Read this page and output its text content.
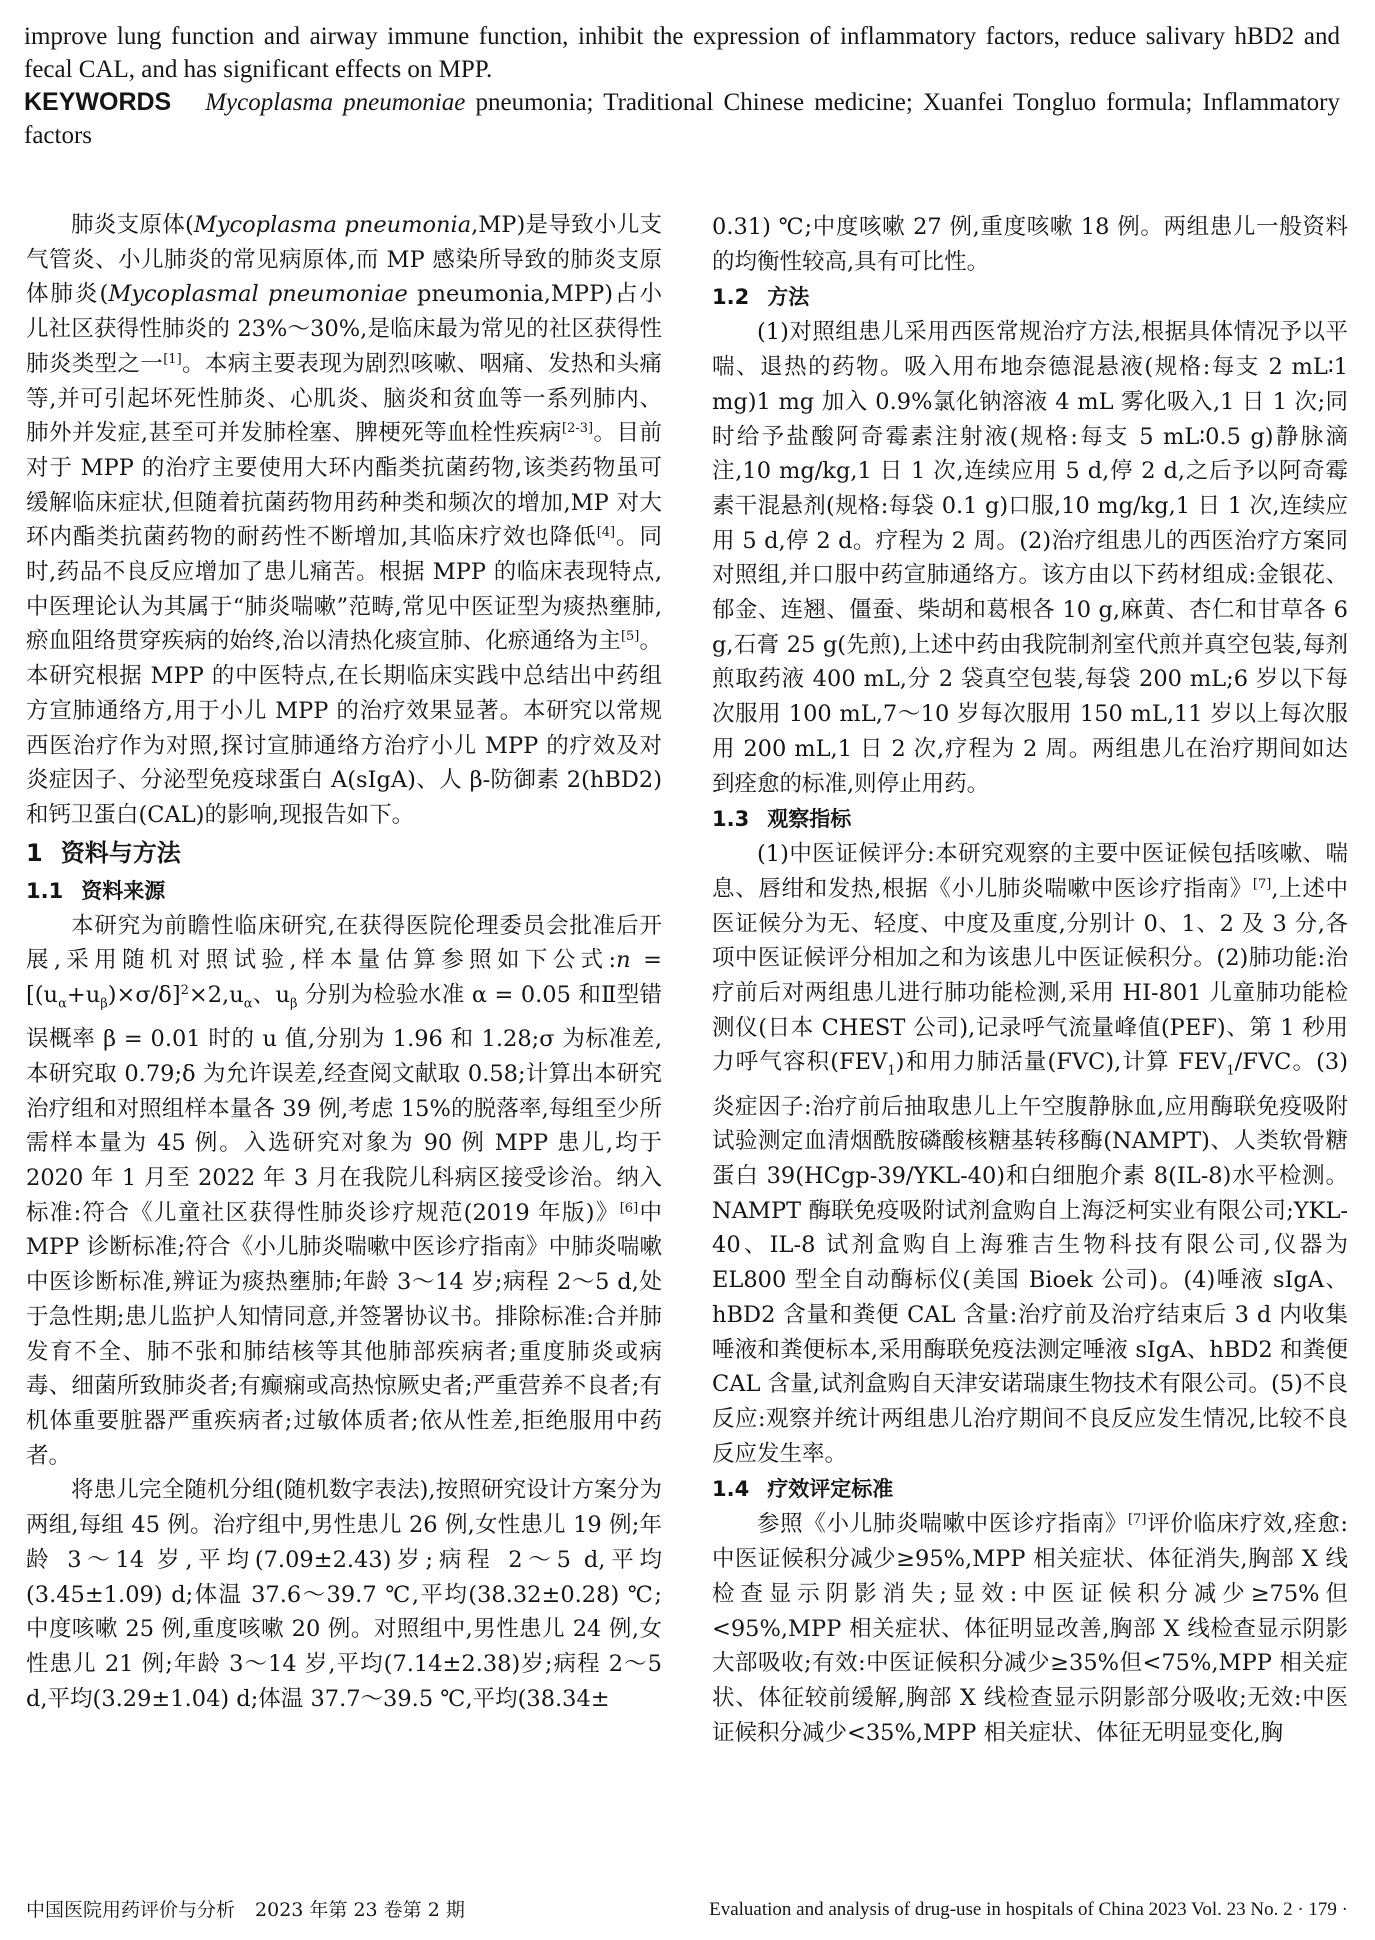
improve lung function and airway immune function, inhibit the expression of inflammatory factors, reduce salivary hBD2 and fecal CAL, and has significant effects on MPP.

KEYWORDS Mycoplasma pneumoniae pneumonia; Traditional Chinese medicine; Xuanfei Tongluo formula; Inflammatory factors

肺炎支原体(Mycoplasma pneumonia,MP)是导致小儿支气管炎、小儿肺炎的常见病原体,而 MP 感染所导致的肺炎支原体肺炎(Mycoplasmal pneumoniae pneumonia,MPP)占小儿社区获得性肺炎的 23%～30%,是临床最为常见的社区获得性肺炎类型之一[1]。本病主要表现为剧烈咳嗽、咽痛、发热和头痛等,并可引起坏死性肺炎、心肌炎、脑炎和贫血等一系列肺内、肺外并发症,甚至可并发肺栓塞、脾梗死等血栓性疾病[2-3]。目前对于 MPP 的治疗主要使用大环内酯类抗菌药物,该类药物虽可缓解临床症状,但随着抗菌药物用药种类和频次的增加,MP 对大环内酯类抗菌药物的耐药性不断增加,其临床疗效也降低[4]。同时,药品不良反应增加了患儿痛苦。根据 MPP 的临床表现特点,中医理论认为其属于“肺炎喘嗽”范畴,常见中医证型为痰热壅肺,瘀血阻络贯穿疾病的始终,治以清热化痰宣肺、化瘀通络为主[5]。本研究根据 MPP 的中医特点,在长期临床实践中总结出中药组方宣肺通络方,用于小儿 MPP 的治疗效果显著。本研究以常规西医治疗作为对照,探讨宣肺通络方治疗小儿 MPP 的疗效及对炎症因子、分泌型免疫球蛋白 A(sIgA)、人 β-防御素 2(hBD2)和钙卫蛋白(CAL)的影响,现报告如下。

1 资料与方法

1.1 资料来源

本研究为前瞻性临床研究,在获得医院伦理委员会批准后开展,采用随机对照试验,样本量估算参照如下公式:n = $[(u_\alpha+u_\beta)\times\sigma/\delta]^2\times 2,u_\alpha$、$u_\beta$ 分别为检验水准 α = 0.05 和Ⅱ型错误概率 β = 0.01 时的 u 值,分别为 1.96 和 1.28;σ 为标准差,本研究取 0.79;δ 为允许误差,经查阅文献取 0.58;计算出本研究治疗组和对照组样本量各 39 例,考虑 15%的脱落率,每组至少所需样本量为 45 例。入选研究对象为 90 例 MPP 患儿,均于 2020 年 1 月至 2022 年 3 月在我院儿科病区接受诊治。纳入标准:符合《儿童社区获得性肺炎诊疗规范(2019 年版)》[6]中 MPP 诊断标准;符合《小儿肺炎喘嗽中医诊疗指南》中肺炎喘嗽中医诊断标准,辨证为痰热壅肺;年龄 3～14 岁;病程 2～5 d,处于急性期;患儿监护人知情同意,并签署协议书。排除标准:合并肺发育不全、肺不张和肺结核等其他肺部疾病者;重度肺炎或病毒、细菌所致肺炎者;有癫痫或高热惊厥史者;严重营养不良者;有机体重要脏器严重疾病者;过敏体质者;依从性差,拒绝服用中药者。

将患儿完全随机分组(随机数字表法),按照研究设计方案分为两组,每组 45 例。治疗组中,男性患儿 26 例,女性患儿 19 例;年龄 3～14 岁,平均(7.09±2.43)岁;病程 2～5 d,平均(3.45±1.09) d;体温 37.6～39.7 ℃,平均(38.32±0.28) ℃;中度咳嗽 25 例,重度咳嗽 20 例。对照组中,男性患儿 24 例,女性患儿 21 例;年龄 3～14 岁,平均(7.14±2.38)岁;病程 2～5 d,平均(3.29±1.04) d;体温 37.7～39.5 ℃,平均(38.34±

0.31) ℃;中度咳嗽 27 例,重度咳嗽 18 例。两组患儿一般资料的均衡性较高,具有可比性。

1.2 方法

(1)对照组患儿采用西医常规治疗方法,根据具体情况予以平喘、退热的药物。吸入用布地奈德混悬液(规格:每支 2 mL∶1 mg)1 mg 加入 0.9%氯化钠溶液 4 mL 雾化吸入,1 日 1 次;同时给予盐酸阿奇霉素注射液(规格:每支 5 mL∶0.5 g)静脉滴注,10 mg/kg,1 日 1 次,连续应用 5 d,停 2 d,之后予以阿奇霉素干混悬剂(规格:每袋 0.1 g)口服,10 mg/kg,1 日 1 次,连续应用 5 d,停 2 d。疗程为 2 周。(2)治疗组患儿的西医治疗方案同对照组,并口服中药宣肺通络方。该方由以下药材组成:金银花、郁金、连翘、僵蚕、柴胡和葛根各 10 g,麻黄、杏仁和甘草各 6 g,石膏 25 g(先煎),上述中药由我院制剂室代煎并真空包装,每剂煎取药液 400 mL,分 2 袋真空包装,每袋 200 mL;6 岁以下每次服用 100 mL,7～10 岁每次服用 150 mL,11 岁以上每次服用 200 mL,1 日 2 次,疗程为 2 周。两组患儿在治疗期间如达到痊愈的标准,则停止用药。

1.3 观察指标

(1)中医证候评分:本研究观察的主要中医证候包括咳嗽、喘息、唇绀和发热,根据《小儿肺炎喘嗽中医诊疗指南》[7],上述中医证候分为无、轻度、中度及重度,分别计 0、1、2 及 3 分,各项中医证候评分相加之和为该患儿中医证候积分。(2)肺功能:治疗前后对两组患儿进行肺功能检测,采用 HI-801 儿童肺功能检测仪(日本 CHEST 公司),记录呼气流量峰值(PEF)、第 1 秒用力呼气容积$(FEV_1)$和用力肺活量(FVC),计算 $FEV_1$/FVC。(3)炎症因子:治疗前后抽取患儿上午空腹静脉血,应用酶联免疫吸附试验测定血清烟酰胺磷酸核糖基转移酶(NAMPT)、人类软骨糖蛋白 39(HCgp-39/YKL-40)和白细胞介素 8(IL-8)水平检测。NAMPT 酶联免疫吸附试剂盒购自上海泛柯实业有限公司;YKL-40、IL-8 试剂盒购自上海雅吉生物科技有限公司,仪器为 EL800 型全自动酶标仪(美国 Bioek 公司)。(4)唾液 sIgA、hBD2 含量和粪便 CAL 含量:治疗前及治疗结束后 3 d 内收集唾液和粪便标本,采用酶联免疫法测定唾液 sIgA、hBD2 和粪便 CAL 含量,试剂盒购自天津安诺瑞康生物技术有限公司。(5)不良反应:观察并统计两组患儿治疗期间不良反应发生情况,比较不良反应发生率。

1.4 疗效评定标准

参照《小儿肺炎喘嗽中医诊疗指南》[7]评价临床疗效,痊愈:中医证候积分减少≥95%,MPP 相关症状、体征消失,胸部 X 线检查显示阴影消失;显效:中医证候积分减少≥75%但<95%,MPP 相关症状、体征明显改善,胸部 X 线检查显示阴影大部吸收;有效:中医证候积分减少≥35%但<75%,MPP 相关症状、体征较前缓解,胸部 X 线检查显示阴影部分吸收;无效:中医证候积分减少<35%,MPP 相关症状、体征无明显变化,胸

中国医院用药评价与分析 2023 年第 23 卷第 2 期	Evaluation and analysis of drug-use in hospitals of China 2023 Vol. 23 No. 2 · 179 ·
